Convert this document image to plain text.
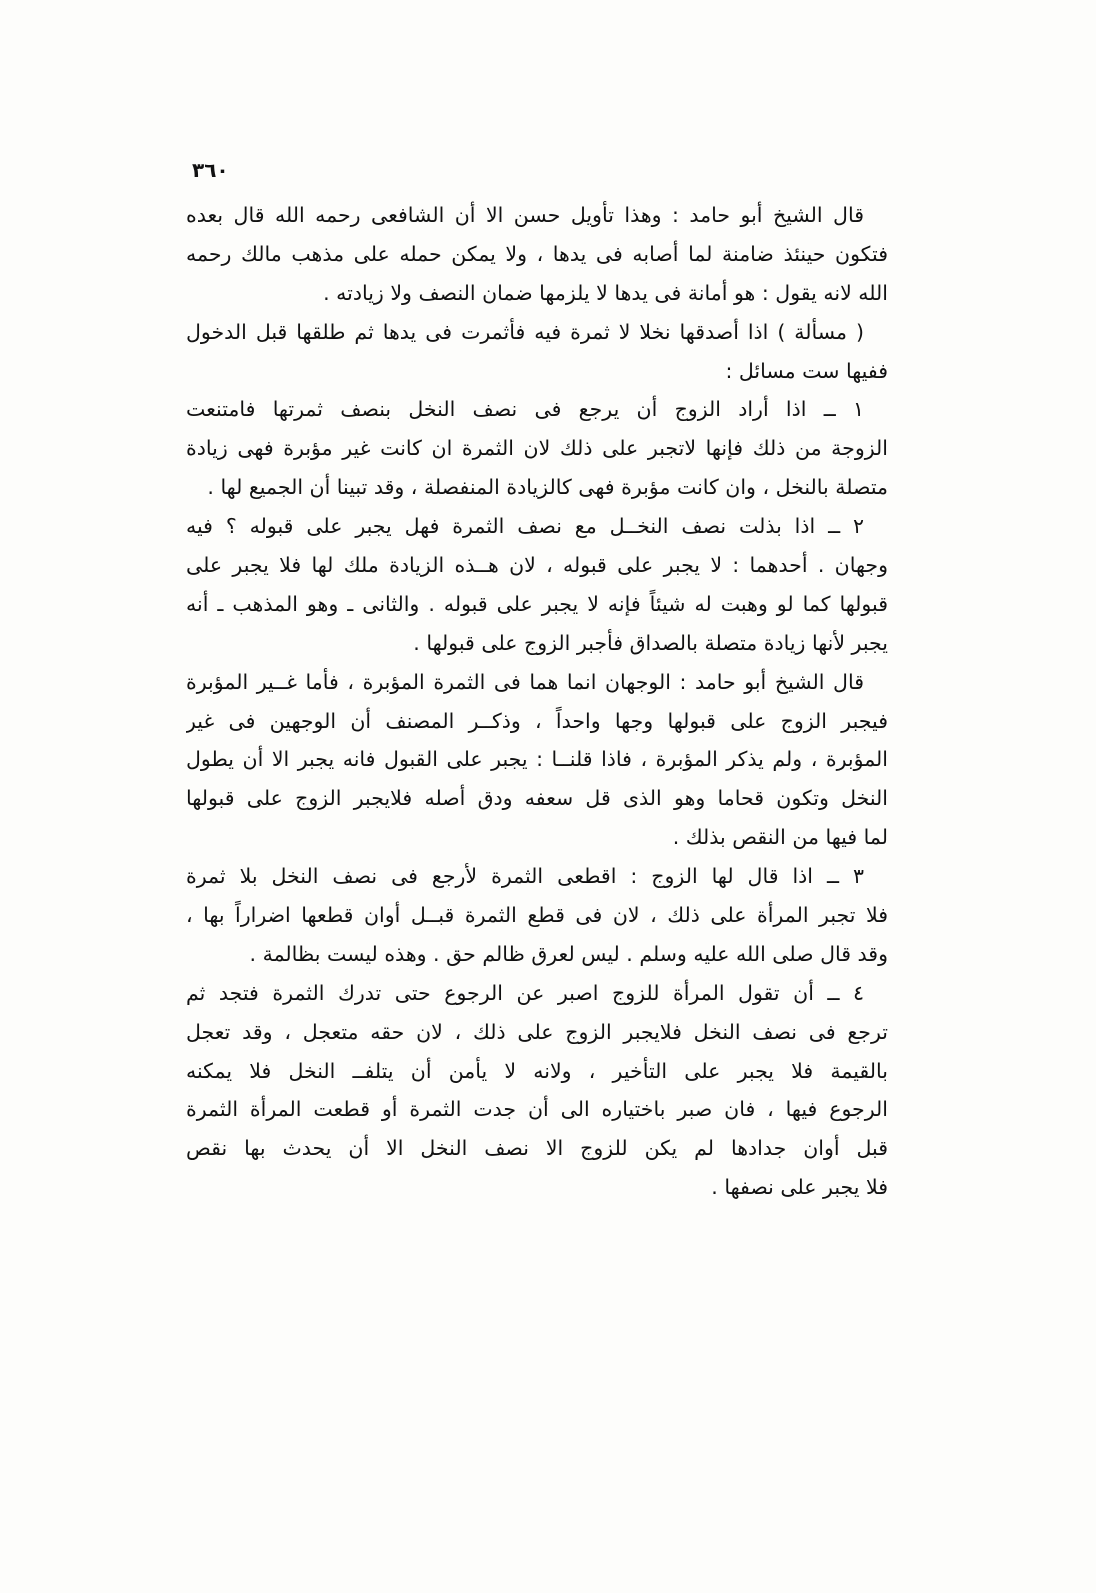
٣٦٠
قال الشيخ أبو حامد : وهذا تأويل حسن الا أن الشافعى رحمه الله قال بعده
فتكون حينئذ ضامنة لما أصابه فى يدها ، ولا يمكن حمله على مذهب مالك رحمه
الله لانه يقول : هو أمانة فى يدها لا يلزمها ضمان النصف ولا زيادته .
( مسألة ) اذا أصدقها نخلا لا ثمرة فيه فأثمرت فى يدها ثم طلقها قبل الدخول
ففيها ست مسائل :
١ ــ اذا أراد الزوج أن يرجع فى نصف النخل بنصف ثمرتها فامتنعت
الزوجة من ذلك فإنها لاتجبر على ذلك لان الثمرة ان كانت غير مؤبرة فهى زيادة
متصلة بالنخل ، وان كانت مؤبرة فهى كالزيادة المنفصلة ، وقد تبينا أن الجميع لها .
٢ ــ اذا بذلت نصف النخــل مع نصف الثمرة فهل يجبر على قبوله ؟ فيه
وجهان . أحدهما : لا يجبر على قبوله ، لان هــذه الزيادة ملك لها فلا يجبر على
قبولها كما لو وهبت له شيئاً فإنه لا يجبر على قبوله . والثانى ـ وهو المذهب ـ أنه
يجبر لأنها زيادة متصلة بالصداق فأجبر الزوج على قبولها .
قال الشيخ أبو حامد : الوجهان انما هما فى الثمرة المؤبرة ، فأما غــير المؤبرة
فيجبر الزوج على قبولها وجها واحداً ، وذكــر المصنف أن الوجهين فى غير
المؤبرة ، ولم يذكر المؤبرة ، فاذا قلنــا : يجبر على القبول فانه يجبر الا أن يطول
النخل وتكون قحاما وهو الذى قل سعفه ودق أصله فلايجبر الزوج على قبولها
لما فيها من النقص بذلك .
٣ ــ اذا قال لها الزوج : اقطعى الثمرة لأرجع فى نصف النخل بلا ثمرة
فلا تجبر المرأة على ذلك ، لان فى قطع الثمرة قبــل أوان قطعها اضراراً بها ،
وقد قال صلى الله عليه وسلم . ليس لعرق ظالم حق . وهذه ليست بظالمة .
٤ ــ أن تقول المرأة للزوج اصبر عن الرجوع حتى تدرك الثمرة فتجد ثم
ترجع فى نصف النخل فلايجبر الزوج على ذلك ، لان حقه متعجل ، وقد تعجل
بالقيمة فلا يجبر على التأخير ، ولانه لا يأمن أن يتلفــ النخل فلا يمكنه
الرجوع فيها ، فان صبر باختياره الى أن جدت الثمرة أو قطعت المرأة الثمرة
قبل أوان جدادها لم يكن للزوج الا نصف النخل الا أن يحدث بها نقص
فلا يجبر على نصفها .
